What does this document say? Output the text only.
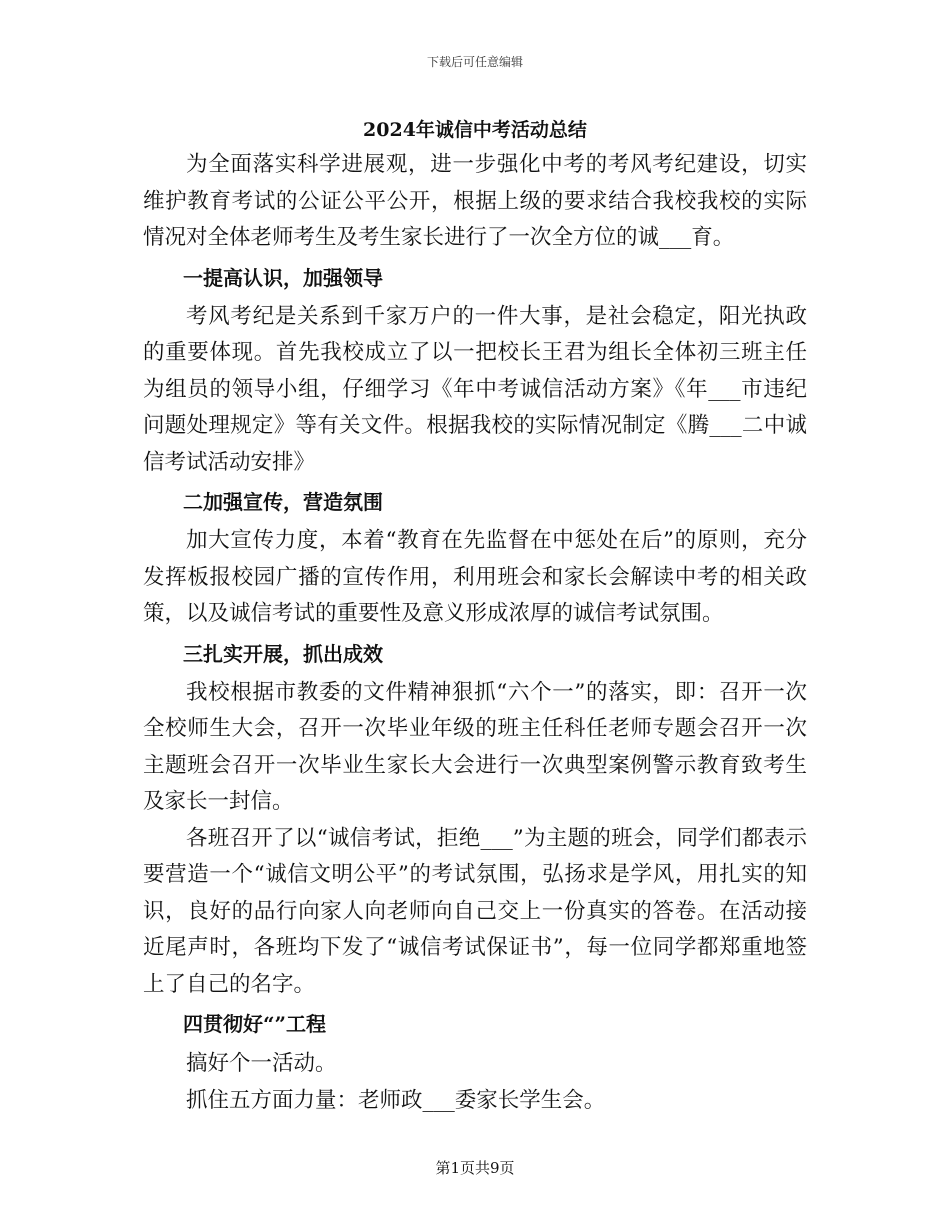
下载后可任意编辑
2024年诚信中考活动总结

为全面落实科学进展观，进一步强化中考的考风考纪建设，切实维护教育考试的公证公平公开，根据上级的要求结合我校我校的实际情况对全体老师考生及考生家长进行了一次全方位的诚___育。

一提高认识，加强领导

考风考纪是关系到千家万户的一件大事，是社会稳定，阳光执政的重要体现。首先我校成立了以一把校长王君为组长全体初三班主任为组员的领导小组，仔细学习《年中考诚信活动方案》《年___市违纪问题处理规定》等有关文件。根据我校的实际情况制定《腾___二中诚信考试活动安排》

二加强宣传，营造氛围

加大宣传力度，本着“教育在先监督在中惩处在后”的原则，充分发挥板报校园广播的宣传作用，利用班会和家长会解读中考的相关政策，以及诚信考试的重要性及意义形成浓厚的诚信考试氛围。

三扎实开展，抓出成效

我校根据市教委的文件精神狠抓“六个一”的落实，即：召开一次全校师生大会，召开一次毕业年级的班主任科任老师专题会召开一次主题班会召开一次毕业生家长大会进行一次典型案例警示教育致考生及家长一封信。

各班召开了以“诚信考试，拒绝___”为主题的班会，同学们都表示要营造一个“诚信文明公平”的考试氛围，弘扬求是学风，用扎实的知识，良好的品行向家人向老师向自己交上一份真实的答卷。在活动接近尾声时，各班均下发了“诚信考试保证书”，每一位同学都郑重地签上了自己的名字。

四贯彻好“”工程

搞好个一活动。

抓住五方面力量：老师政___委家长学生会。

第1页共9页
